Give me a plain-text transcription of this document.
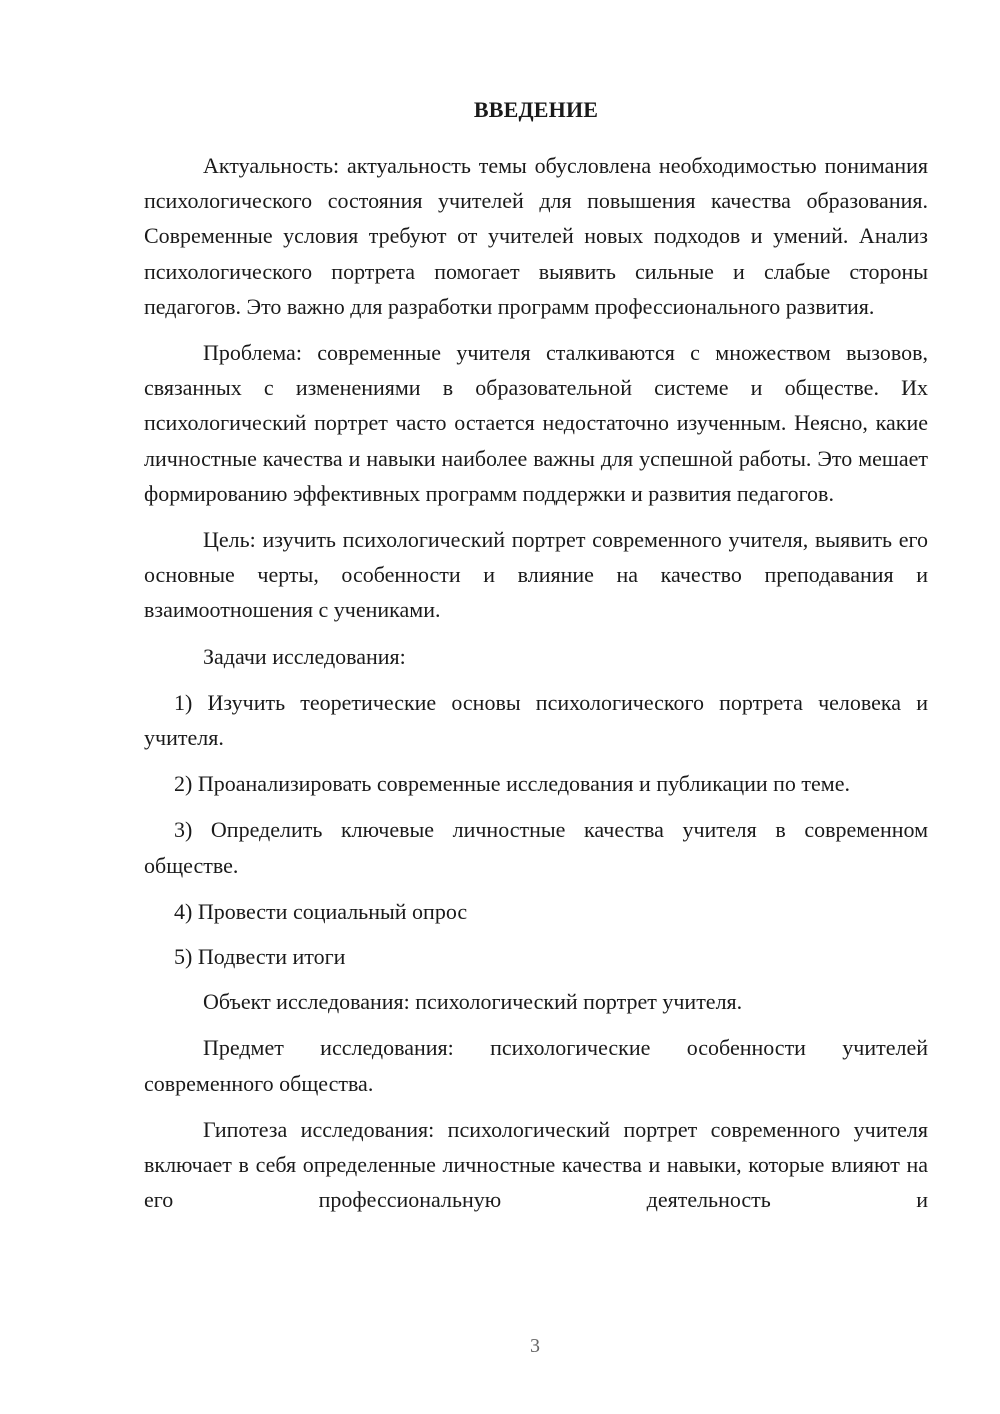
ВВЕДЕНИЕ

Актуальность: актуальность темы обусловлена необходимостью понимания психологического состояния учителей для повышения качества образования. Современные условия требуют от учителей новых подходов и умений. Анализ психологического портрета помогает выявить сильные и слабые стороны педагогов. Это важно для разработки программ профессионального развития.

Проблема: современные учителя сталкиваются с множеством вызовов, связанных с изменениями в образовательной системе и обществе. Их психологический портрет часто остается недостаточно изученным. Неясно, какие личностные качества и навыки наиболее важны для успешной работы. Это мешает формированию эффективных программ поддержки и развития педагогов.

Цель: изучить психологический портрет современного учителя, выявить его основные черты, особенности и влияние на качество преподавания и взаимоотношения с учениками.

Задачи исследования:

1) Изучить теоретические основы психологического портрета человека и учителя.

2) Проанализировать современные исследования и публикации по теме.

3) Определить ключевые личностные качества учителя в современном обществе.

4) Провести социальный опрос

5) Подвести итоги

Объект исследования: психологический портрет учителя.

Предмет исследования: психологические особенности учителей современного общества.

Гипотеза исследования: психологический портрет современного учителя включает в себя определенные личностные качества и навыки, которые влияют на его профессиональную деятельность и

3
